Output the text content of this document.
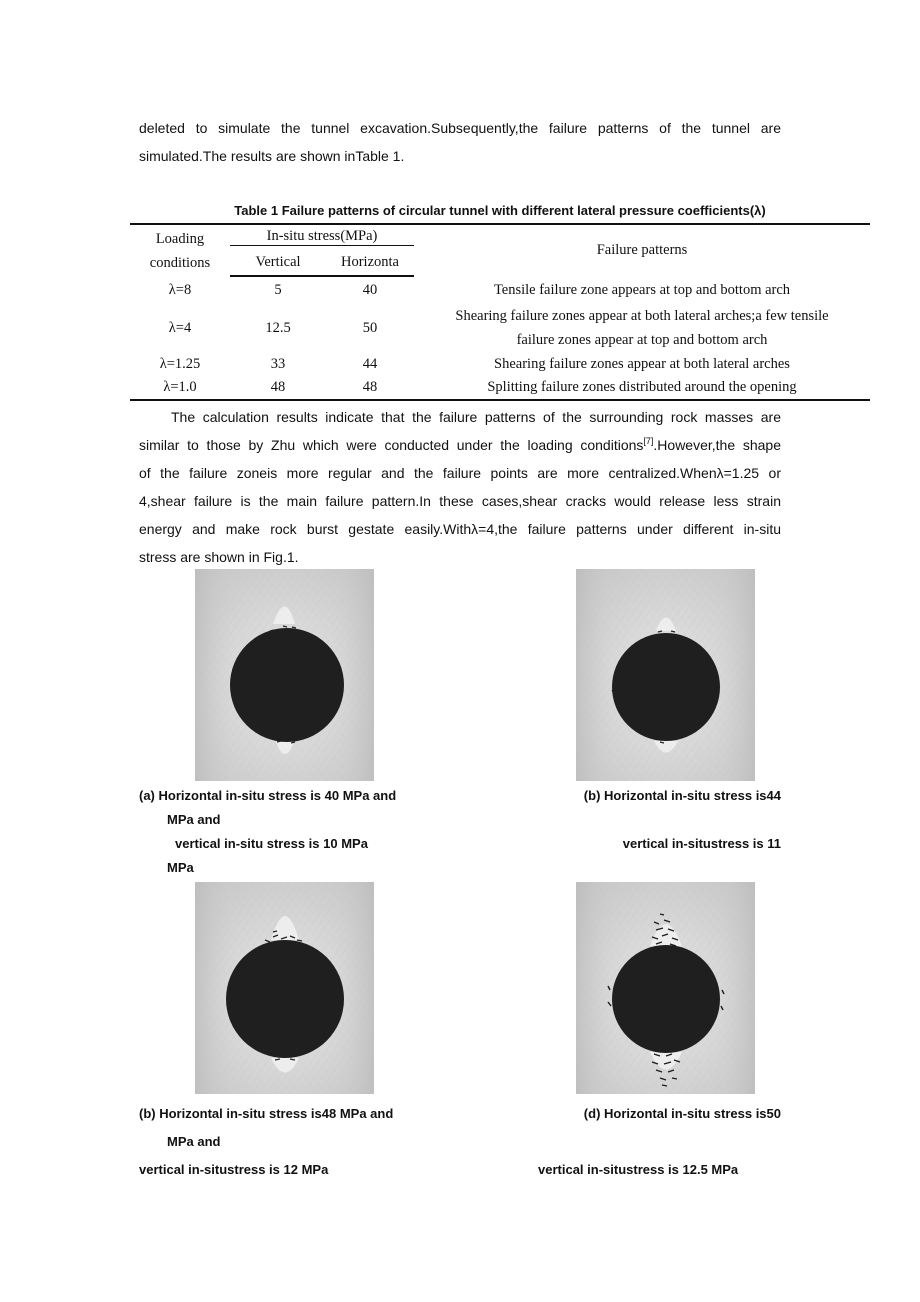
deleted to simulate the tunnel excavation.Subsequently,the failure patterns of the tunnel are
simulated.The results are shown inTable 1.

Table 1 Failure patterns of circular tunnel with different lateral pressure coefficients(λ)
Loading
conditions	In-situ stress(MPa)		Failure patterns
	Vertical	Horizonta	
λ=8	5	40	Tensile failure zone appears at top and bottom arch
λ=4	12.5	50	Shearing failure zones appear at both lateral arches;a few tensile
failure zones appear at top and bottom arch
λ=1.25	33	44	Shearing failure zones appear at both lateral arches
λ=1.0	48	48	Splitting failure zones distributed around the opening

The calculation results indicate that the failure patterns of the surrounding rock masses are
similar to those by Zhu which were conducted under the loading conditions[7].However,the shape
of the failure zoneis more regular and the failure points are more centralized.Whenλ=1.25 or
4,shear failure is the main failure pattern.In these cases,shear cracks would release less strain
energy and make rock burst gestate easily.Withλ=4,the failure patterns under different in-situ
stress are shown in Fig.1.

(a) Horizontal in-situ stress is 40 MPa and
MPa and
vertical in-situ stress is 10 MPa
MPa
(b) Horizontal in-situ stress is44
vertical in-situstress is 11
(b) Horizontal in-situ stress is48 MPa and
MPa and
vertical in-situstress is 12 MPa
(d) Horizontal in-situ stress is50
vertical in-situstress is 12.5 MPa
